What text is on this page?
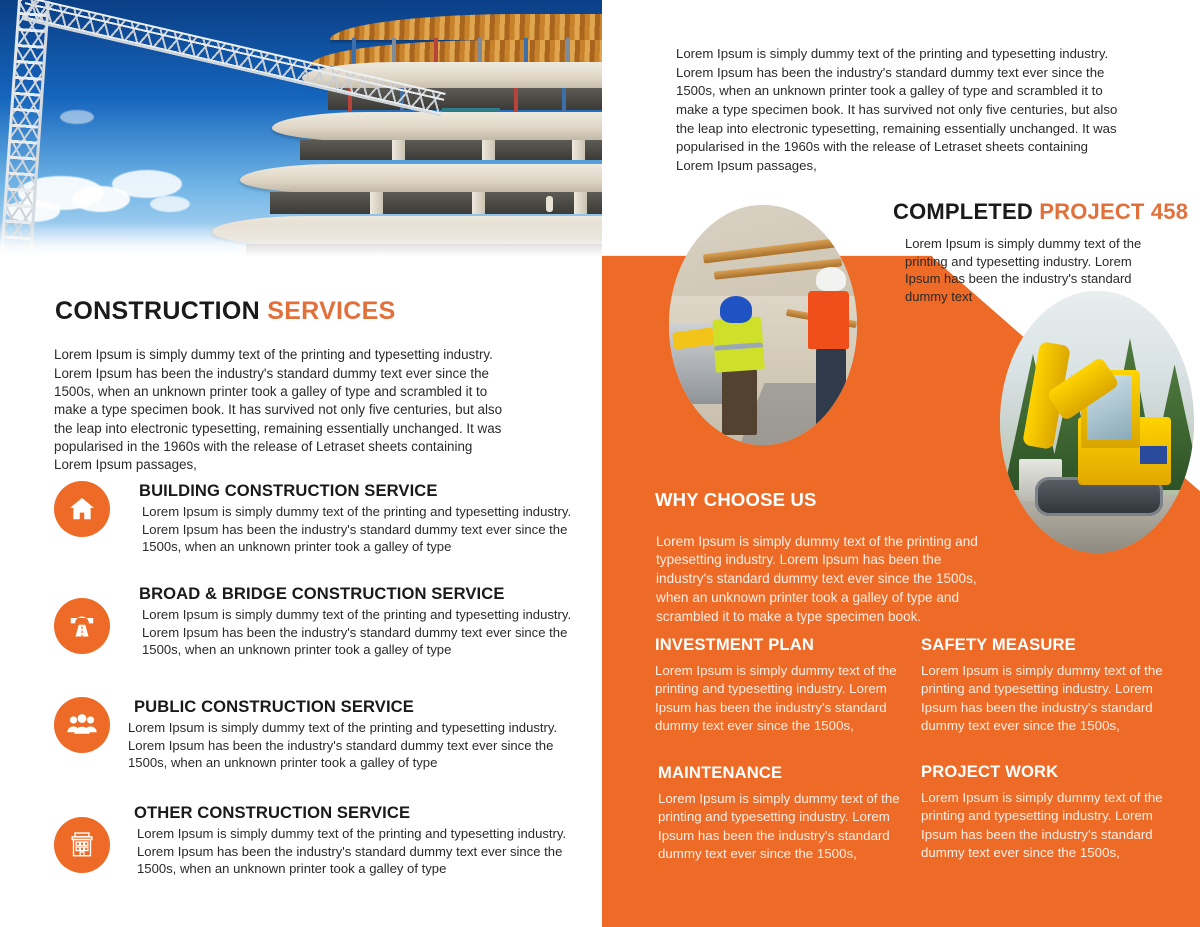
Lorem Ipsum is simply dummy text of the printing and typesetting industry. Lorem Ipsum has been the industry's standard dummy text ever since the 1500s, when an unknown printer took a galley of type and scrambled it to make a type specimen book. It has survived not only five centuries, but also the leap into electronic typesetting, remaining essentially unchanged. It was popularised in the 1960s with the release of Letraset sheets containing Lorem Ipsum passages,

COMPLETED PROJECT 458

Lorem Ipsum is simply dummy text of the printing and typesetting industry. Lorem Ipsum has been the industry's standard dummy text

CONSTRUCTION SERVICES

Lorem Ipsum is simply dummy text of the printing and typesetting industry. Lorem Ipsum has been the industry's standard dummy text ever since the 1500s, when an unknown printer took a galley of type and scrambled it to make a type specimen book. It has survived not only five centuries, but also the leap into electronic typesetting, remaining essentially unchanged. It was popularised in the 1960s with the release of Letraset sheets containing Lorem Ipsum passages,

BUILDING CONSTRUCTION SERVICE

Lorem Ipsum is simply dummy text of the printing and typesetting industry. Lorem Ipsum has been the industry's standard dummy text ever since the 1500s, when an unknown printer took a galley of type

BROAD & BRIDGE CONSTRUCTION SERVICE

Lorem Ipsum is simply dummy text of the printing and typesetting industry. Lorem Ipsum has been the industry's standard dummy text ever since the 1500s, when an unknown printer took a galley of type

PUBLIC CONSTRUCTION SERVICE

Lorem Ipsum is simply dummy text of the printing and typesetting industry. Lorem Ipsum has been the industry's standard dummy text ever since the 1500s, when an unknown printer took a galley of type

OTHER CONSTRUCTION SERVICE

Lorem Ipsum is simply dummy text of the printing and typesetting industry. Lorem Ipsum has been the industry's standard dummy text ever since the 1500s, when an unknown printer took a galley of type

WHY CHOOSE US

Lorem Ipsum is simply dummy text of the printing and typesetting industry. Lorem Ipsum has been the industry's standard dummy text ever since the 1500s, when an unknown printer took a galley of type and scrambled it to make a type specimen book.

INVESTMENT PLAN

Lorem Ipsum is simply dummy text of the printing and typesetting industry. Lorem Ipsum has been the industry's standard dummy text ever since the 1500s,

SAFETY MEASURE

Lorem Ipsum is simply dummy text of the printing and typesetting industry. Lorem Ipsum has been the industry's standard dummy text ever since the 1500s,

MAINTENANCE

Lorem Ipsum is simply dummy text of the printing and typesetting industry. Lorem Ipsum has been the industry's standard dummy text ever since the 1500s,

PROJECT WORK

Lorem Ipsum is simply dummy text of the printing and typesetting industry. Lorem Ipsum has been the industry's standard dummy text ever since the 1500s,
